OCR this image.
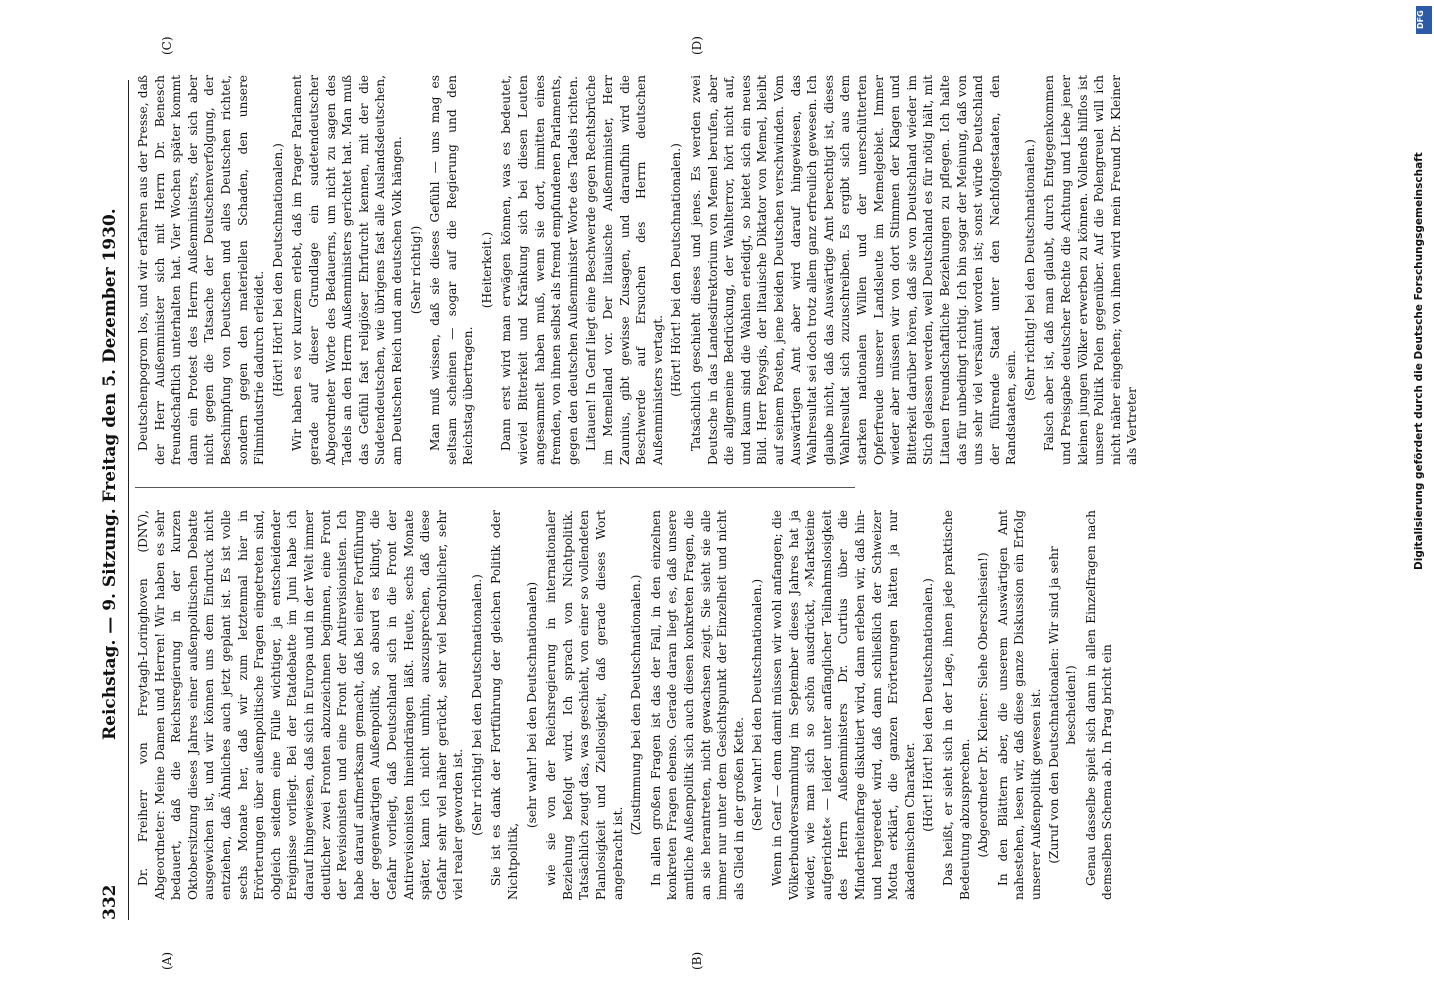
332
Reichstag. — 9. Sitzung. Freitag den 5. Dezember 1930.
(A)	(B)
(C)	(D)

Dr. Freiherr von Freytagh-Loringhoven (DNV), Abgeordneter: Meine Damen und Herren! Wir haben es sehr bedauert, daß die Reichsregierung in der kurzen Oktobersitzung dieses Jahres einer außenpolitischen Debatte ausgewichen ist, und wir können uns dem Eindruck nicht entziehen, daß Ähnliches auch jetzt geplant ist. Es ist volle sechs Monate her, daß wir zum letztenmal hier in Erörterungen über außenpolitische Fragen eingetreten sind, obgleich seitdem eine Fülle wichtiger, ja entscheidender Ereignisse vorliegt. Bei der Etatdebatte im Juni habe ich darauf hingewiesen, daß sich in Europa und in der Welt immer deutlicher zwei Fronten abzuzeichnen beginnen, eine Front der Revisionisten und eine Front der Antirevisionisten. Ich habe darauf aufmerksam gemacht, daß bei einer Fortführung der gegenwärtigen Außenpolitik, so absurd es klingt, die Gefahr vorliegt, daß Deutschland sich in die Front der Antirevisionisten hineindrängen läßt. Heute, sechs Monate später, kann ich nicht umhin, auszusprechen, daß diese Gefahr sehr viel näher gerückt, sehr viel bedrohlicher, sehr viel realer geworden ist. (Sehr richtig! bei den Deutschnationalen.) Sie ist es dank der Fortführung der gleichen Politik oder Nichtpolitik,

(sehr wahr! bei den Deutschnationalen) wie sie von der Reichsregierung in internationaler Beziehung befolgt wird. Ich sprach von Nichtpolitik. Tatsächlich zeugt das, was geschieht, von einer so vollendeten Planlosigkeit und Ziellosigkeit, daß gerade dieses Wort angebracht ist.

(Zustimmung bei den Deutschnationalen.) In allen großen Fragen ist das der Fall, in den einzelnen konkreten Fragen ebenso. Gerade daran liegt es, daß unsere amtliche Außenpolitik sich auch diesen konkreten Fragen, die an sie herantreten, nicht gewachsen zeigt. Sie sieht sie alle immer nur unter dem Gesichtspunkt der Einzelheit und nicht als Glied in der großen Kette. (Sehr wahr! bei den Deutschnationalen.) Wenn in Genf — denn damit müssen wir wohl anfangen; die Völkerbundversammlung im September dieses Jahres hat ja wieder, wie man sich so schön ausdrückt, »Marksteine aufgerichtet« — leider unter anfänglicher Teilnahmslosigkeit des Herrn Außenministers Dr. Curtius über die Minderheitenfrage diskutiert wird, dann erleben wir, daß hin- und hergeredet wird, daß dann schließlich der Schweizer Motta erklärt, die ganzen Erörterungen hätten ja nur akademischen Charakter. (Hört! Hört! bei den Deutschnationalen.) Das heißt, er sieht sich in der Lage, ihnen jede praktische Bedeutung abzusprechen. (Abgeordneter Dr. Kleiner: Siehe Oberschlesien!) In den Blättern aber, die unserem Auswärtigen Amt nahestehen, lesen wir, daß diese ganze Diskussion ein Erfolg unserer Außenpolitik gewesen ist. (Zuruf von den Deutschnationalen: Wir sind ja sehr bescheiden!) Genau dasselbe spielt sich dann in allen Einzelfragen nach demselben Schema ab. In Prag bricht ein

Deutschenpogrom los, und wir erfahren aus der Presse, daß der Herr Außenminister sich mit Herrn Dr. Benesch freundschaftlich unterhalten hat. Vier Wochen später kommt dann ein Protest des Herrn Außenministers, der sich aber nicht gegen die Tatsache der Deutschenverfolgung, der Beschimpfung von Deutschen und alles Deutschen richtet, sondern gegen den materiellen Schaden, den unsere Filmindustrie dadurch erleidet. (Hört! Hört! bei den Deutschnationalen.) Wir haben es vor kurzem erlebt, daß im Prager Parlament gerade auf dieser Grundlage ein sudetendeutscher Abgeordneter Worte des Bedauerns, um nicht zu sagen des Tadels an den Herrn Außenministers gerichtet hat. Man muß das Gefühl fast religiöser Ehrfurcht kennen, mit der die Sudetendeutschen, wie übrigens fast alle Auslandsdeutschen, am Deutschen Reich und am deutschen Volk hängen. (Sehr richtig!) Man muß wissen, daß sie dieses Gefühl — uns mag es seltsam scheinen — sogar auf die Regierung und den Reichstag übertragen.

(Heiterkeit.) Dann erst wird man erwägen können, was es bedeutet, wieviel Bitterkeit und Kränkung sich bei diesen Leuten angesammelt haben muß, wenn sie dort, inmitten eines fremden, von ihnen selbst als fremd empfundenen Parlaments, gegen den deutschen Außenminister Worte des Tadels richten. Litauen! In Genf liegt eine Beschwerde gegen Rechtsbrüche im Memelland vor. Der litauische Außenminister, Herr Zaunius, gibt gewisse Zusagen, und daraufhin wird die Beschwerde auf Ersuchen des Herrn deutschen Außenministers vertagt. (Hört! Hört! bei den Deutschnationalen.) Tatsächlich geschieht dieses und jenes. Es werden zwei Deutsche in das Landesdirektorium von Memel berufen, aber die allgemeine Bedrückung, der Wahlterror, hört nicht auf, und kaum sind die Wahlen erledigt, so bietet sich ein neues Bild. Herr Reysgis, der litauische Diktator von Memel, bleibt auf seinem Posten, jene beiden Deutschen verschwinden. Vom Auswärtigen Amt aber wird darauf hingewiesen, das Wahlresultat sei doch trotz allem ganz erfreulich gewesen. Ich glaube nicht, daß das Auswärtige Amt berechtigt ist, dieses Wahlresultat sich zuzuschreiben. Es ergibt sich aus dem starken nationalen Willen und der unerschütterten Opferfreude unserer Landsleute im Memelgebiet. Immer wieder aber müssen wir von dort Stimmen der Klagen und Bitterkeit darüber hören, daß sie von Deutschland wieder im Stich gelassen werden, weil Deutschland es für nötig hält, mit Litauen freundschaftliche Beziehungen zu pflegen. Ich halte das für unbedingt richtig. Ich bin sogar der Meinung, daß von uns sehr viel versäumt worden ist; sonst würde Deutschland der führende Staat unter den Nachfolgestaaten, den Randstaaten, sein.

(Sehr richtig! bei den Deutschnationalen.) Falsch aber ist, daß man glaubt, durch Entgegenkommen und Preisgabe deutscher Rechte die Achtung und Liebe jener kleinen jungen Völker erwerben zu können. Vollends hilflos ist unsere Politik Polen gegenüber. Auf die Polengreuel will ich nicht näher eingehen; von ihnen wird mein Freund Dr. Kleiner als Vertreter

DFG
Digitalisierung gefördert durch die Deutsche Forschungsgemeinschaft
